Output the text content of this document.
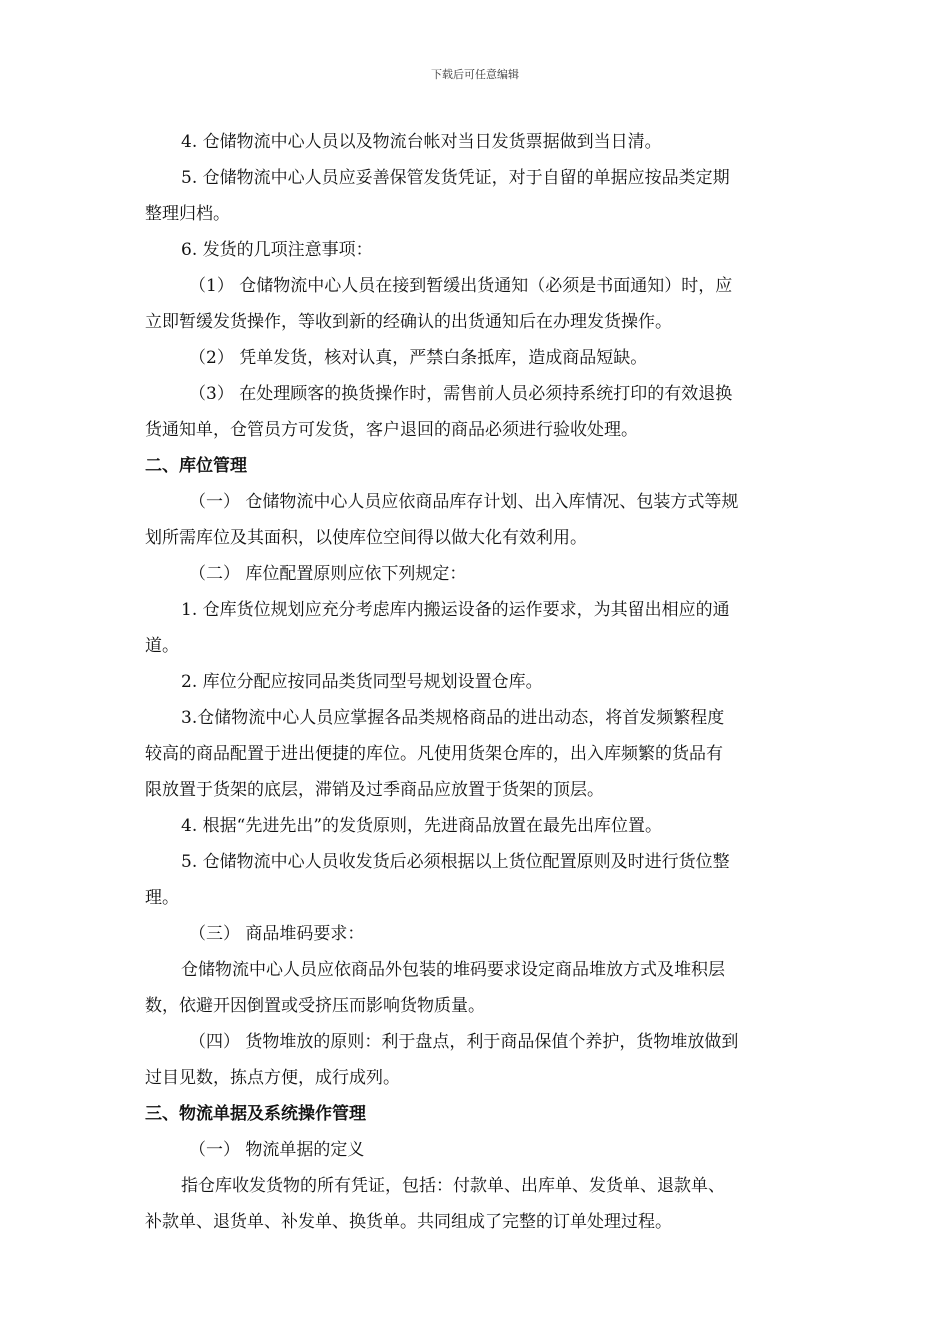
下载后可任意编辑

4. 仓储物流中心人员以及物流台帐对当日发货票据做到当日清。

5. 仓储物流中心人员应妥善保管发货凭证，对于自留的单据应按品类定期

整理归档。

6. 发货的几项注意事项：

（1） 仓储物流中心人员在接到暂缓出货通知（必须是书面通知）时，应

立即暂缓发货操作，等收到新的经确认的出货通知后在办理发货操作。

（2） 凭单发货，核对认真，严禁白条抵库，造成商品短缺。

（3） 在处理顾客的换货操作时，需售前人员必须持系统打印的有效退换

货通知单，仓管员方可发货，客户退回的商品必须进行验收处理。

二、库位管理

（一） 仓储物流中心人员应依商品库存计划、出入库情况、包装方式等规

划所需库位及其面积，以使库位空间得以做大化有效利用。

（二） 库位配置原则应依下列规定：

1. 仓库货位规划应充分考虑库内搬运设备的运作要求，为其留出相应的通

道。

2. 库位分配应按同品类货同型号规划设置仓库。

3.仓储物流中心人员应掌握各品类规格商品的进出动态，将首发频繁程度

较高的商品配置于进出便捷的库位。凡使用货架仓库的，出入库频繁的货品有

限放置于货架的底层，滞销及过季商品应放置于货架的顶层。

4. 根据“先进先出”的发货原则，先进商品放置在最先出库位置。

5. 仓储物流中心人员收发货后必须根据以上货位配置原则及时进行货位整

理。

（三） 商品堆码要求：

仓储物流中心人员应依商品外包装的堆码要求设定商品堆放方式及堆积层

数，依避开因倒置或受挤压而影响货物质量。

（四） 货物堆放的原则：利于盘点，利于商品保值个养护，货物堆放做到

过目见数，拣点方便，成行成列。

三、物流单据及系统操作管理

（一） 物流单据的定义

指仓库收发货物的所有凭证，包括：付款单、出库单、发货单、退款单、

补款单、退货单、补发单、换货单。共同组成了完整的订单处理过程。
